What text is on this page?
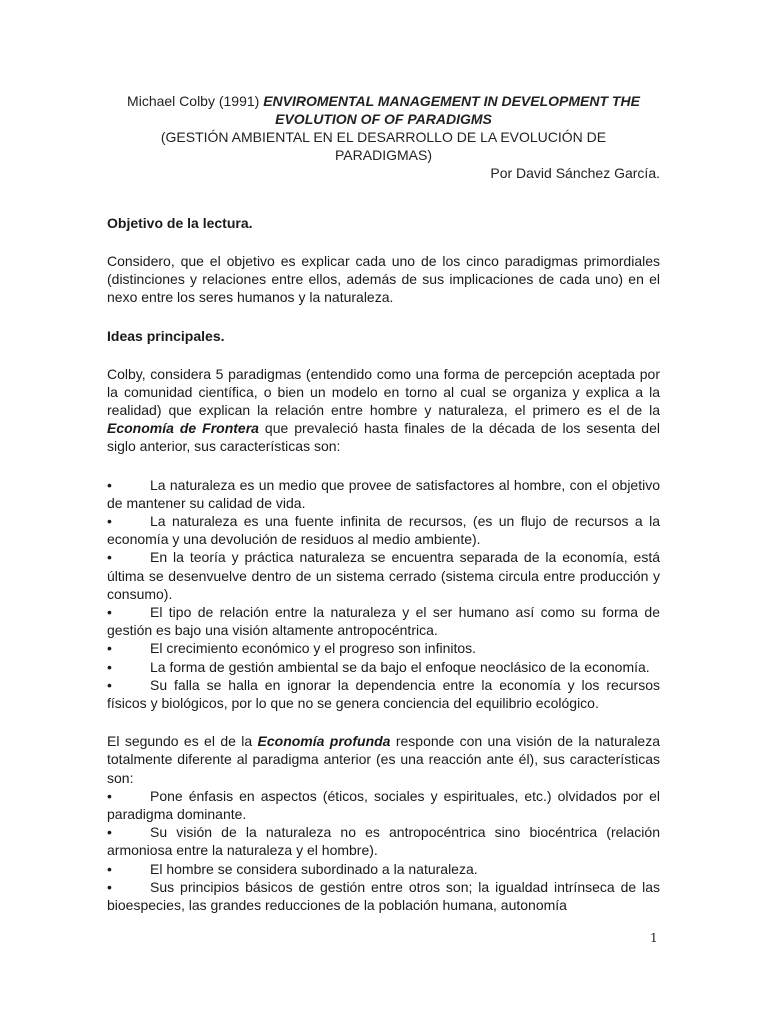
Michael Colby (1991) ENVIROMENTAL MANAGEMENT IN DEVELOPMENT THE
EVOLUTION OF OF PARADIGMS
(GESTIÓN AMBIENTAL EN EL DESARROLLO DE LA EVOLUCIÓN DE
PARADIGMAS)
Por David Sánchez García.
Objetivo de la lectura.

Considero, que el objetivo es explicar cada uno de los cinco paradigmas primordiales (distinciones y relaciones entre ellos, además de sus implicaciones de cada uno) en el nexo entre los seres humanos y la naturaleza.

Ideas principales.

Colby, considera 5 paradigmas (entendido como una forma de percepción aceptada por la comunidad científica, o bien un modelo en torno al cual se organiza y explica a la realidad) que explican la relación entre hombre y naturaleza, el primero es el de la Economía de Frontera que prevaleció hasta finales de la década de los sesenta del siglo anterior, sus características son:

•La naturaleza es un medio que provee de satisfactores al hombre, con el objetivo de mantener su calidad de vida.
•La naturaleza es una fuente infinita de recursos, (es un flujo de recursos a la economía y una devolución de residuos al medio ambiente).
•En la teoría y práctica naturaleza se encuentra separada de la economía, está última se desenvuelve dentro de un sistema cerrado (sistema circula entre producción y consumo).
•El tipo de relación entre la naturaleza y el ser humano así como su forma de gestión es bajo una visión altamente antropocéntrica.
•El crecimiento económico y el progreso son infinitos.
•La forma de gestión ambiental se da bajo el enfoque neoclásico de la economía.
•Su falla se halla en ignorar la dependencia entre la economía y los recursos físicos y biológicos, por lo que no se genera conciencia del equilibrio ecológico.

El segundo es el de la Economía profunda responde con una visión de la naturaleza totalmente diferente al paradigma anterior (es una reacción ante él), sus características son:

•Pone énfasis en aspectos (éticos, sociales y espirituales, etc.) olvidados por el paradigma dominante.
•Su visión de la naturaleza no es antropocéntrica sino biocéntrica (relación armoniosa entre la naturaleza y el hombre).
•El hombre se considera subordinado a la naturaleza.
•Sus principios básicos de gestión entre otros son; la igualdad intrínseca de las bioespecies, las grandes reducciones de la población humana, autonomía
1
